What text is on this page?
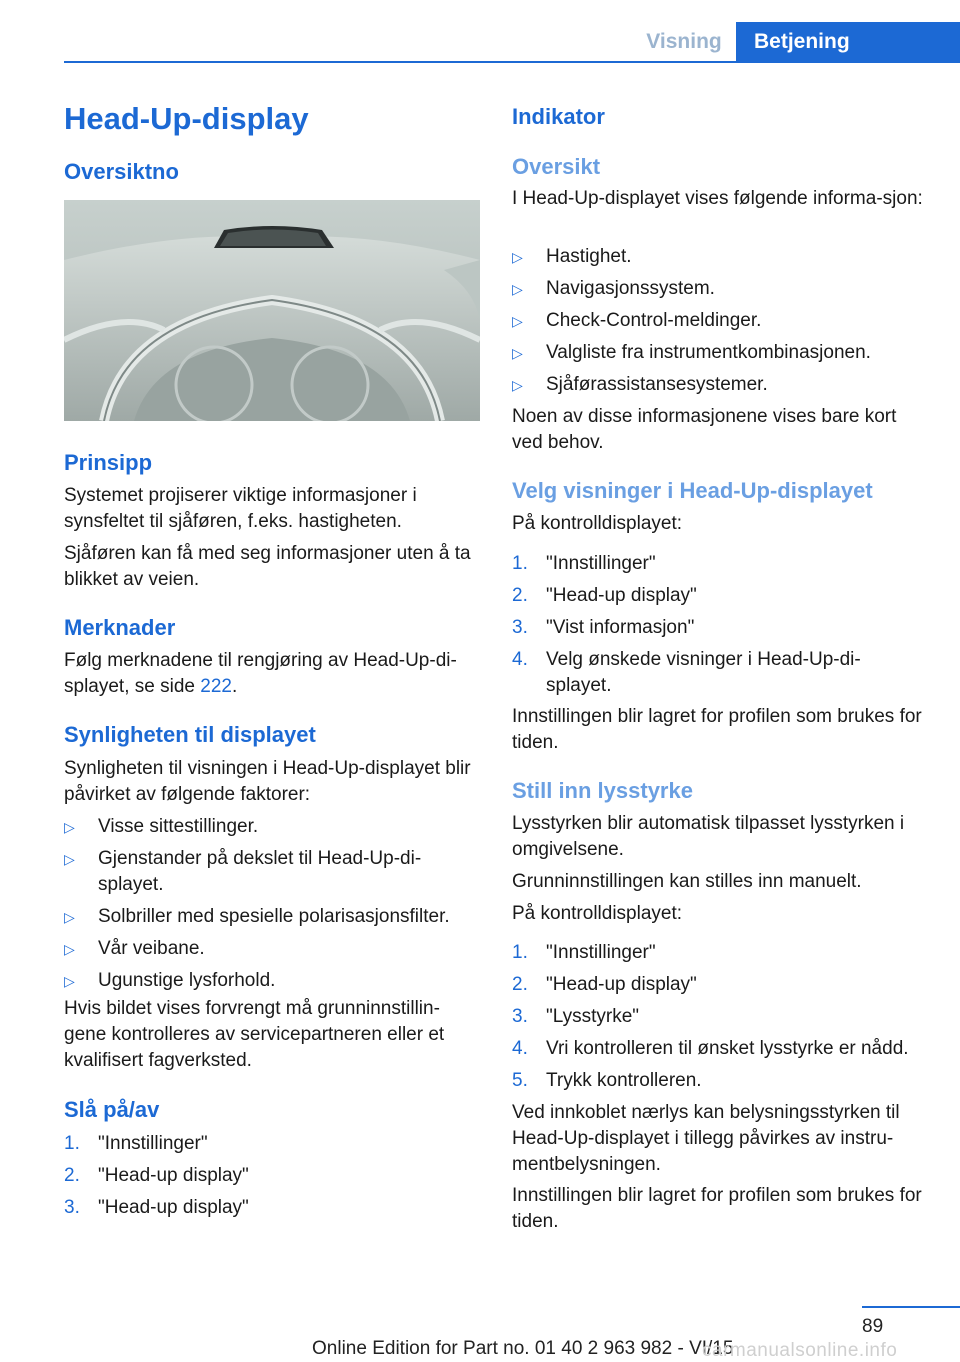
Visning	Betjening
Head-Up-display
Oversiktno
Prinsipp

Systemet projiserer viktige informasjoner i synsfeltet til sjåføren, f.eks. hastigheten.

Sjåføren kan få med seg informasjoner uten å ta blikket av veien.

Merknader

Følg merknadene til rengjøring av Head-Up-di-splayet, se side 222.

Synligheten til displayet

Synligheten til visningen i Head-Up-displayet blir påvirket av følgende faktorer:

▷ Visse sittestillinger.
▷ Gjenstander på dekslet til Head-Up-di-splayet.
▷ Solbriller med spesielle polarisasjonsfilter.
▷ Vår veibane.
▷ Ugunstige lysforhold.

Hvis bildet vises forvrengt må grunninnstillin-gene kontrolleres av servicepartneren eller et kvalifisert fagverksted.

Slå på/av
1. "Innstillinger"
2. "Head-up display"
3. "Head-up display"
Indikator
Oversikt

I Head-Up-displayet vises følgende informa-sjon:

▷ Hastighet.
▷ Navigasjonssystem.
▷ Check-Control-meldinger.
▷ Valgliste fra instrumentkombinasjonen.
▷ Sjåførassistansesystemer.

Noen av disse informasjonene vises bare kort ved behov.

Velg visninger i Head-Up-displayet

På kontrolldisplayet:

1. "Innstillinger"
2. "Head-up display"
3. "Vist informasjon"
4. Velg ønskede visninger i Head-Up-di-splayet.

Innstillingen blir lagret for profilen som brukes for tiden.

Still inn lysstyrke

Lysstyrken blir automatisk tilpasset lysstyrken i omgivelsene.

Grunninnstillingen kan stilles inn manuelt.

På kontrolldisplayet:

1. "Innstillinger"
2. "Head-up display"
3. "Lysstyrke"
4. Vri kontrolleren til ønsket lysstyrke er nådd.
5. Trykk kontrolleren.

Ved innkoblet nærlys kan belysningsstyrken til Head-Up-displayet i tillegg påvirkes av instru-mentbelysningen.

Innstillingen blir lagret for profilen som brukes for tiden.

89
Online Edition for Part no. 01 40 2 963 982 - VI/15
carmanualsonline.info
